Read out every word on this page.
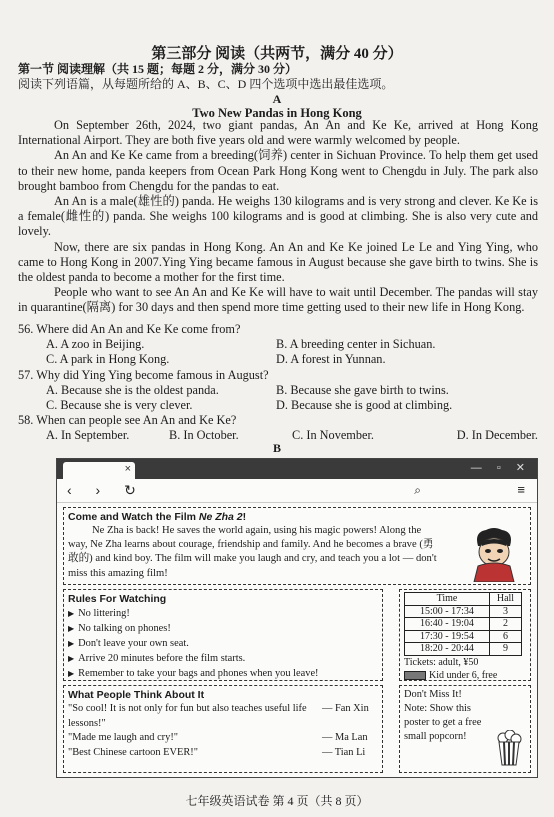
第三部分 阅读（共两节，满分 40 分）
第一节 阅读理解（共 15 题；每题 2 分，满分 30 分）
阅读下列语篇，从每题所给的 A、B、C、D 四个选项中选出最佳选项。
A
Two New Pandas in Hong Kong

On September 26th, 2024, two giant pandas, An An and Ke Ke, arrived at Hong Kong International Airport. They are both five years old and were warmly welcomed by people.

An An and Ke Ke came from a breeding(饲养) center in Sichuan Province. To help them get used to their new home, panda keepers from Ocean Park Hong Kong went to Chengdu in July. The park also brought bamboo from Chengdu for the pandas to eat.

An An is a male(雄性的) panda. He weighs 130 kilograms and is very strong and clever. Ke Ke is a female(雌性的) panda. She weighs 100 kilograms and is good at climbing. She is also very cute and lovely.

Now, there are six pandas in Hong Kong. An An and Ke Ke joined Le Le and Ying Ying, who came to Hong Kong in 2007.Ying Ying became famous in August because she gave birth to twins. She is the oldest panda to become a mother for the first time.

People who want to see An An and Ke Ke will have to wait until December. The pandas will stay in quarantine(隔离) for 30 days and then spend more time getting used to their new life in Hong Kong.

56. Where did An An and Ke Ke come from?
A. A zoo in Beijing.	B. A breeding center in Sichuan.
C. A park in Hong Kong.	D. A forest in Yunnan.
57. Why did Ying Ying become famous in August?
A. Because she is the oldest panda.	B. Because she gave birth to twins.
C. Because she is very clever.	D. Because she is good at climbing.
58. When can people see An An and Ke Ke?
A. In September.	B. In October.	C. In November.	D. In December.
B
×	— ▫ ✕
‹ › ↻	⌕	≡
Come and Watch the Film Ne Zha 2!

Ne Zha is back! He saves the world again, using his magic powers! Along the way, Ne Zha learns about courage, friendship and family. And he becomes a brave (勇敢的) and kind boy. The film will make you laugh and cry, and teach you a lot — don't miss this amazing film!

Rules For Watching
▶ No littering!
▶ No talking on phones!
▶ Don't leave your own seat.
▶ Arrive 20 minutes before the film starts.
▶ Remember to take your bags and phones when you leave!
Time	Hall
15:00 - 17:34	3
16:40 - 19:04	2
17:30 - 19:54	6
18:20 - 20:44	9
Tickets: adult, ¥50
Kid under 6, free
What People Think About It
"So cool! It is not only for fun but also teaches useful life lessons!"
— Fan Xin
"Made me laugh and cry!"	— Ma Lan
"Best Chinese cartoon EVER!"	— Tian Li
Don't Miss It!
Note: Show this poster to get a free small popcorn!
七年级英语试卷 第 4 页（共 8 页）
